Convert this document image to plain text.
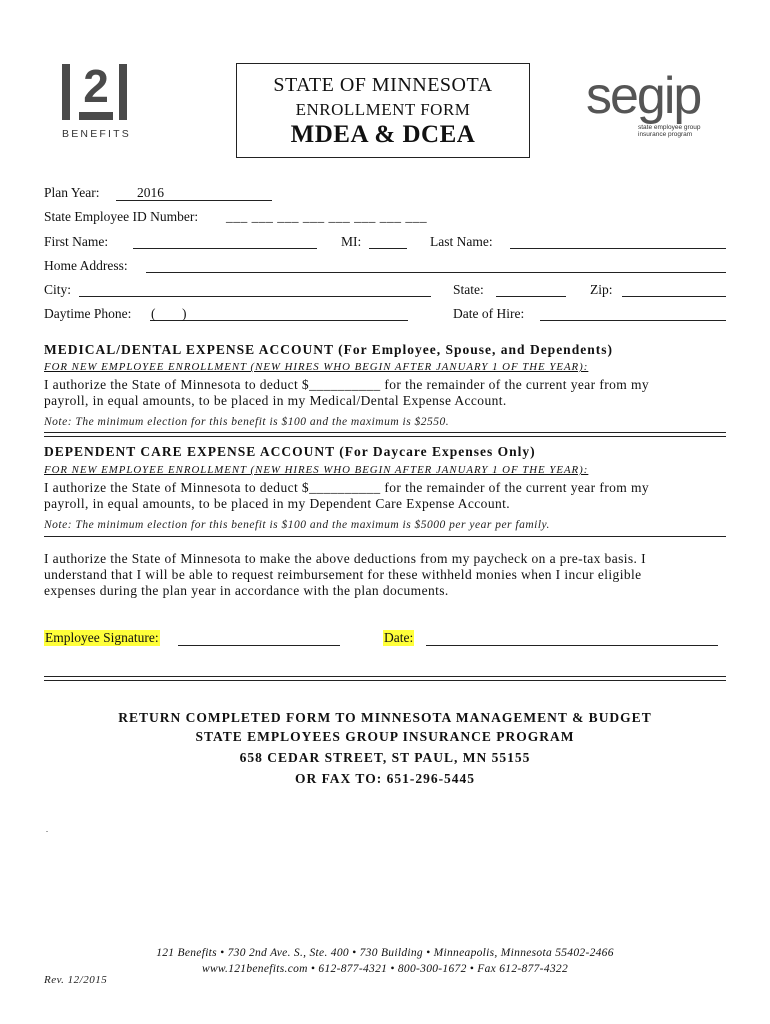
2
BENEFITS
STATE OF MINNESOTA
ENROLLMENT FORM
MDEA & DCEA
segip
state employee group insurance program
Plan Year:	2016
State Employee ID Number: ___ ___ ___ ___ ___ ___ ___ ___
First Name:	MI:	Last Name:
Home Address:
City:	State:	Zip:
Daytime Phone: ( )	Date of Hire:
MEDICAL/DENTAL EXPENSE ACCOUNT (For Employee, Spouse, and Dependents)
FOR NEW EMPLOYEE ENROLLMENT (NEW HIRES WHO BEGIN AFTER JANUARY 1 OF THE YEAR):
I authorize the State of Minnesota to deduct $__________ for the remainder of the current year from my
payroll, in equal amounts, to be placed in my Medical/Dental Expense Account.
Note: The minimum election for this benefit is $100 and the maximum is $2550.
DEPENDENT CARE EXPENSE ACCOUNT (For Daycare Expenses Only)
FOR NEW EMPLOYEE ENROLLMENT (NEW HIRES WHO BEGIN AFTER JANUARY 1 OF THE YEAR):
I authorize the State of Minnesota to deduct $__________ for the remainder of the current year from my
payroll, in equal amounts, to be placed in my Dependent Care Expense Account.
Note: The minimum election for this benefit is $100 and the maximum is $5000 per year per family.
I authorize the State of Minnesota to make the above deductions from my paycheck on a pre-tax basis. I
understand that I will be able to request reimbursement for these withheld monies when I incur eligible
expenses during the plan year in accordance with the plan documents.
Employee Signature:	Date:
RETURN COMPLETED FORM TO MINNESOTA MANAGEMENT & BUDGET
STATE EMPLOYEES GROUP INSURANCE PROGRAM
658 CEDAR STREET, ST PAUL, MN 55155
OR FAX TO: 651-296-5445
.
121 Benefits • 730 2nd Ave. S., Ste. 400 • 730 Building • Minneapolis, Minnesota 55402-2466
www.121benefits.com • 612-877-4321 • 800-300-1672 • Fax 612-877-4322
Rev. 12/2015
